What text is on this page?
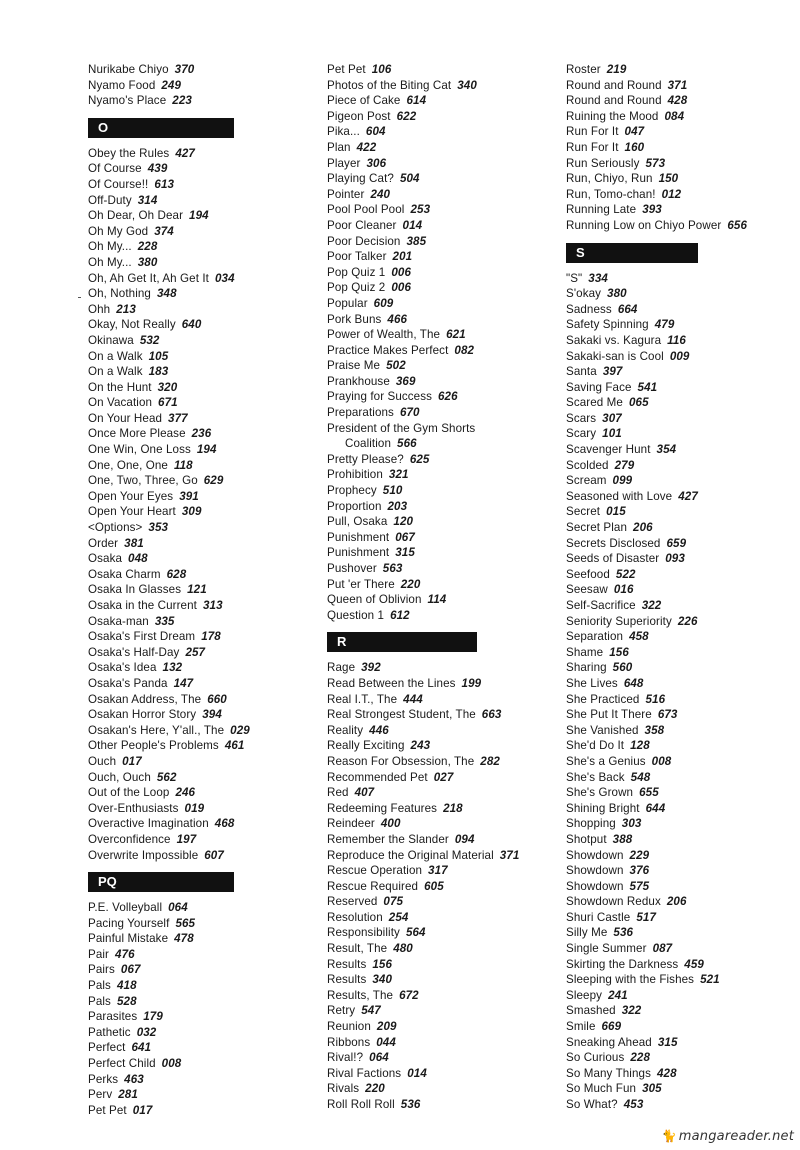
Nurikabe Chiyo 370
Nyamo Food 249
Nyamo's Place 223
O
Obey the Rules 427
Of Course 439
Of Course!! 613
Off-Duty 314
Oh Dear, Oh Dear 194
Oh My God 374
Oh My... 228
Oh My... 380
Oh, Ah Get It, Ah Get It 034
Oh, Nothing 348
Ohh 213
Okay, Not Really 640
Okinawa 532
On a Walk 105
On a Walk 183
On the Hunt 320
On Vacation 671
On Your Head 377
Once More Please 236
One Win, One Loss 194
One, One, One 118
One, Two, Three, Go 629
Open Your Eyes 391
Open Your Heart 309
<Options> 353
Order 381
Osaka 048
Osaka Charm 628
Osaka In Glasses 121
Osaka in the Current 313
Osaka-man 335
Osaka's First Dream 178
Osaka's Half-Day 257
Osaka's Idea 132
Osaka's Panda 147
Osakan Address, The 660
Osakan Horror Story 394
Osakan's Here, Y'all., The 029
Other People's Problems 461
Ouch 017
Ouch, Ouch 562
Out of the Loop 246
Over-Enthusiasts 019
Overactive Imagination 468
Overconfidence 197
Overwrite Impossible 607
PQ
P.E. Volleyball 064
Pacing Yourself 565
Painful Mistake 478
Pair 476
Pairs 067
Pals 418
Pals 528
Parasites 179
Pathetic 032
Perfect 641
Perfect Child 008
Perks 463
Perv 281
Pet Pet 017
Pet Pet 106
Photos of the Biting Cat 340
Piece of Cake 614
Pigeon Post 622
Pika... 604
Plan 422
Player 306
Playing Cat? 504
Pointer 240
Pool Pool Pool 253
Poor Cleaner 014
Poor Decision 385
Poor Talker 201
Pop Quiz 1 006
Pop Quiz 2 006
Popular 609
Pork Buns 466
Power of Wealth, The 621
Practice Makes Perfect 082
Praise Me 502
Prankhouse 369
Praying for Success 626
Preparations 670
President of the Gym Shorts
Coalition 566
Pretty Please? 625
Prohibition 321
Prophecy 510
Proportion 203
Pull, Osaka 120
Punishment 067
Punishment 315
Pushover 563
Put 'er There 220
Queen of Oblivion 114
Question 1 612
R
Rage 392
Read Between the Lines 199
Real I.T., The 444
Real Strongest Student, The 663
Reality 446
Really Exciting 243
Reason For Obsession, The 282
Recommended Pet 027
Red 407
Redeeming Features 218
Reindeer 400
Remember the Slander 094
Reproduce the Original Material 371
Rescue Operation 317
Rescue Required 605
Reserved 075
Resolution 254
Responsibility 564
Result, The 480
Results 156
Results 340
Results, The 672
Retry 547
Reunion 209
Ribbons 044
Rival!? 064
Rival Factions 014
Rivals 220
Roll Roll Roll 536
Roster 219
Round and Round 371
Round and Round 428
Ruining the Mood 084
Run For It 047
Run For It 160
Run Seriously 573
Run, Chiyo, Run 150
Run, Tomo-chan! 012
Running Late 393
Running Low on Chiyo Power 656
S
"S" 334
S'okay 380
Sadness 664
Safety Spinning 479
Sakaki vs. Kagura 116
Sakaki-san is Cool 009
Santa 397
Saving Face 541
Scared Me 065
Scars 307
Scary 101
Scavenger Hunt 354
Scolded 279
Scream 099
Seasoned with Love 427
Secret 015
Secret Plan 206
Secrets Disclosed 659
Seeds of Disaster 093
Seefood 522
Seesaw 016
Self-Sacrifice 322
Seniority Superiority 226
Separation 458
Shame 156
Sharing 560
She Lives 648
She Practiced 516
She Put It There 673
She Vanished 358
She'd Do It 128
She's a Genius 008
She's Back 548
She's Grown 655
Shining Bright 644
Shopping 303
Shotput 388
Showdown 229
Showdown 376
Showdown 575
Showdown Redux 206
Shuri Castle 517
Silly Me 536
Single Summer 087
Skirting the Darkness 459
Sleeping with the Fishes 521
Sleepy 241
Smashed 322
Smile 669
Sneaking Ahead 315
So Curious 228
So Many Things 428
So Much Fun 305
So What? 453
🐈 mangareader.net
